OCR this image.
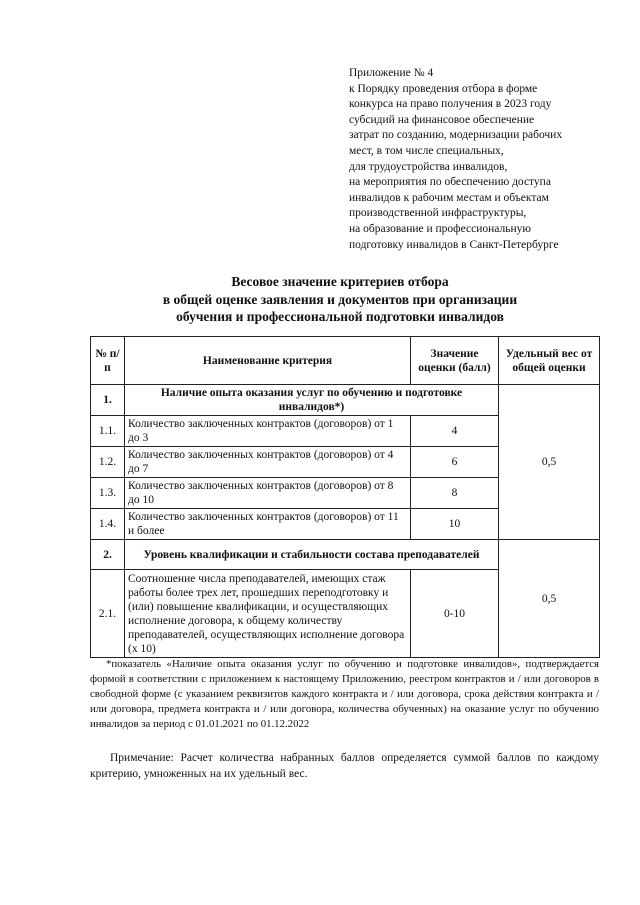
Приложение № 4
к Порядку проведения отбора в форме
конкурса на право получения в 2023 году
субсидий на финансовое обеспечение
затрат по созданию, модернизации рабочих
мест, в том числе специальных,
для трудоустройства инвалидов,
на мероприятия по обеспечению доступа
инвалидов к рабочим местам и объектам
производственной инфраструктуры,
на образование и профессиональную
подготовку инвалидов в Санкт-Петербурге
Весовое значение критериев отбора
в общей оценке заявления и документов при организации
обучения и профессиональной подготовки инвалидов
№ п/п	Наименование критерия	Значение оценки (балл)	Удельный вес от общей оценки
1.	Наличие опыта оказания услуг по обучению и подготовке инвалидов*)		0,5
1.1.	Количество заключенных контрактов (договоров) от 1 до 3	4	
1.2.	Количество заключенных контрактов (договоров) от 4 до 7	6	
1.3.	Количество заключенных контрактов (договоров) от 8 до 10	8	
1.4.	Количество заключенных контрактов (договоров) от 11 и более	10	
2.	Уровень квалификации и стабильности состава преподавателей		0,5
2.1.	Соотношение числа преподавателей, имеющих стаж работы более трех лет, прошедших переподготовку и (или) повышение квалификации, и осуществляющих исполнение договора, к общему количеству преподавателей, осуществляющих исполнение договора (х 10)	0-10	
*показатель «Наличие опыта оказания услуг по обучению и подготовке инвалидов», подтверждается формой в соответствии с приложением к настоящему Приложению, реестром контрактов и / или договоров в свободной форме (с указанием реквизитов каждого контракта и / или договора, срока действия контракта и / или договора, предмета контракта и / или договора, количества обученных) на оказание услуг по обучению инвалидов за период с 01.01.2021 по 01.12.2022
Примечание: Расчет количества набранных баллов определяется суммой баллов по каждому критерию, умноженных на их удельный вес.
